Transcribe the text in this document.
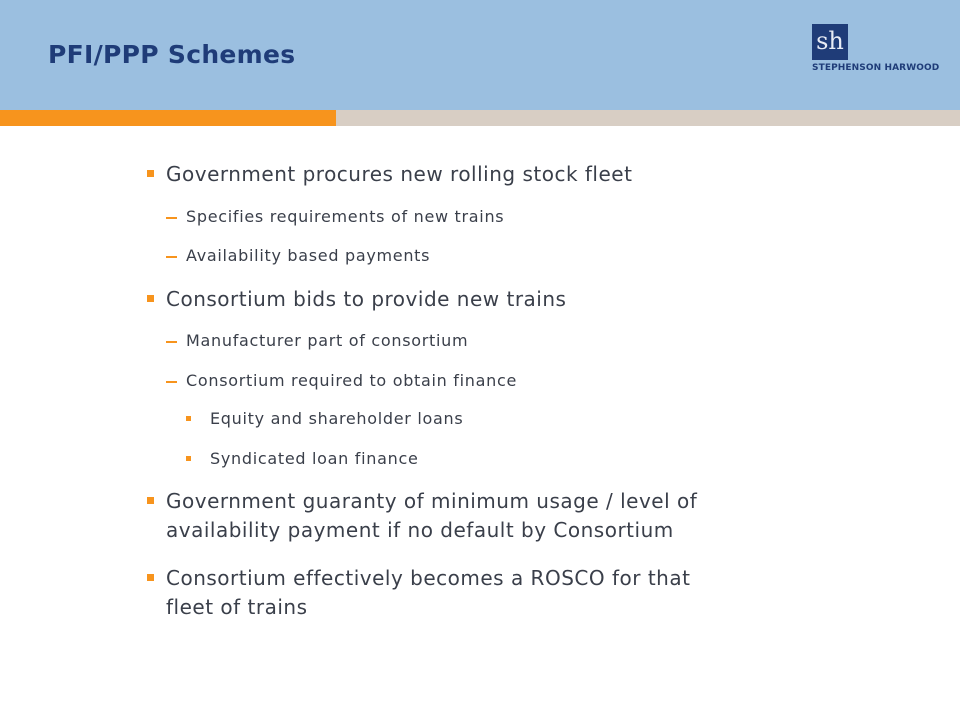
PFI/PPP Schemes	sh
STEPHENSON HARWOOD
Government procures new rolling stock fleet
Specifies requirements of new trains
Availability based payments
Consortium bids to provide new trains
Manufacturer part of consortium
Consortium required to obtain finance
Equity and shareholder loans
Syndicated loan finance
Government guaranty of minimum usage / level of
availability payment if no default by Consortium
Consortium effectively becomes a ROSCO for that
fleet of trains
